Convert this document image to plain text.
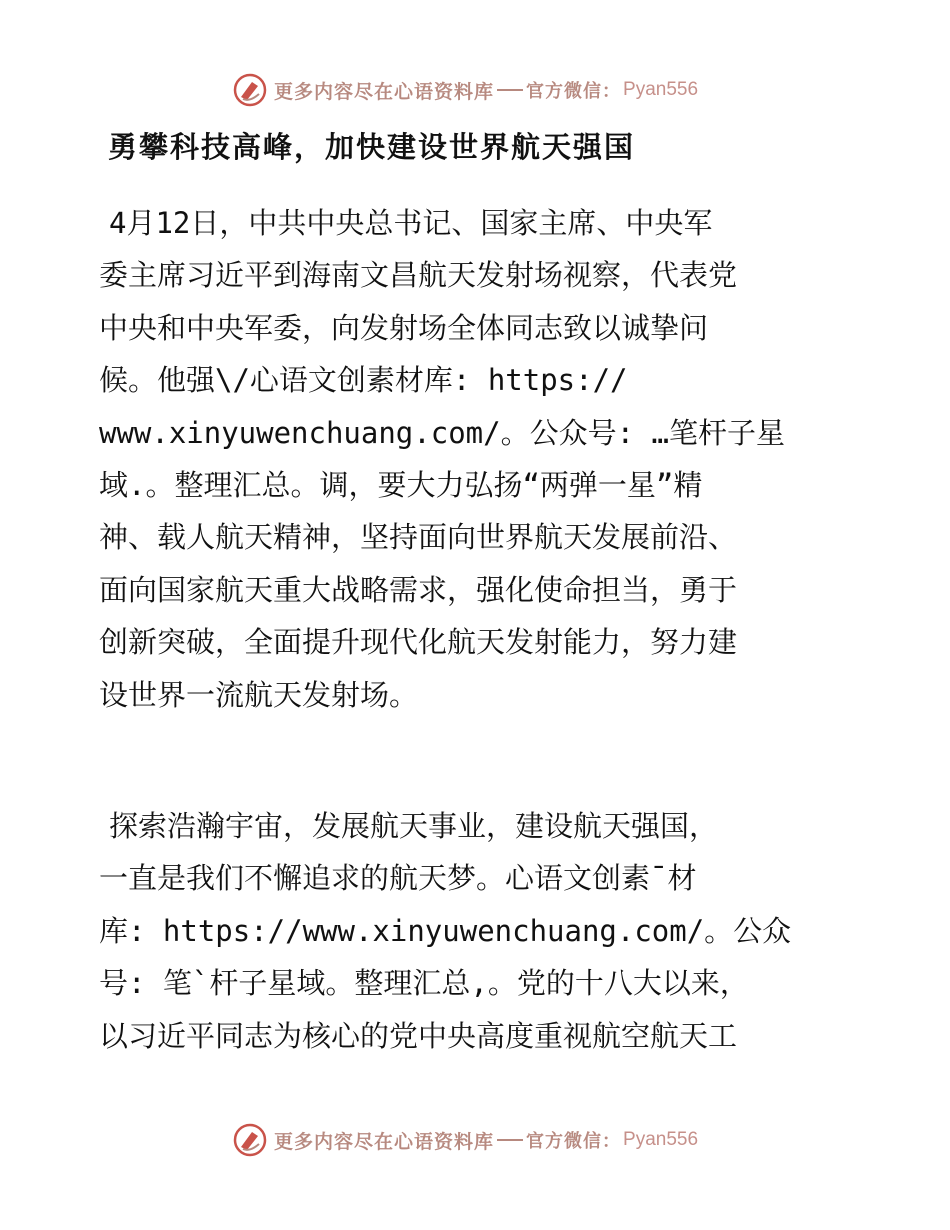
更多内容尽在心语资料库 官方微信： Pyan556
勇攀科技高峰，加快建设世界航天强国

4月12日，中共中央总书记、国家主席、中央军
委主席习近平到海南文昌航天发射场视察，代表党
中央和中央军委，向发射场全体同志致以诚挚问
候。他强\/心语文创素材库: https://
www.xinyuwenchuang.com/。公众号: …笔杆子星
域.。整理汇总。调，要大力弘扬“两弹一星”精
神、载人航天精神，坚持面向世界航天发展前沿、
面向国家航天重大战略需求，强化使命担当，勇于
创新突破，全面提升现代化航天发射能力，努力建
设世界一流航天发射场。

探索浩瀚宇宙，发展航天事业，建设航天强国，
一直是我们不懈追求的航天梦。心语文创素¯材
库: https://www.xinyuwenchuang.com/。公众
号: 笔`杆子星域。整理汇总,。党的十八大以来，
以习近平同志为核心的党中央高度重视航空航天工

更多内容尽在心语资料库 官方微信： Pyan556
